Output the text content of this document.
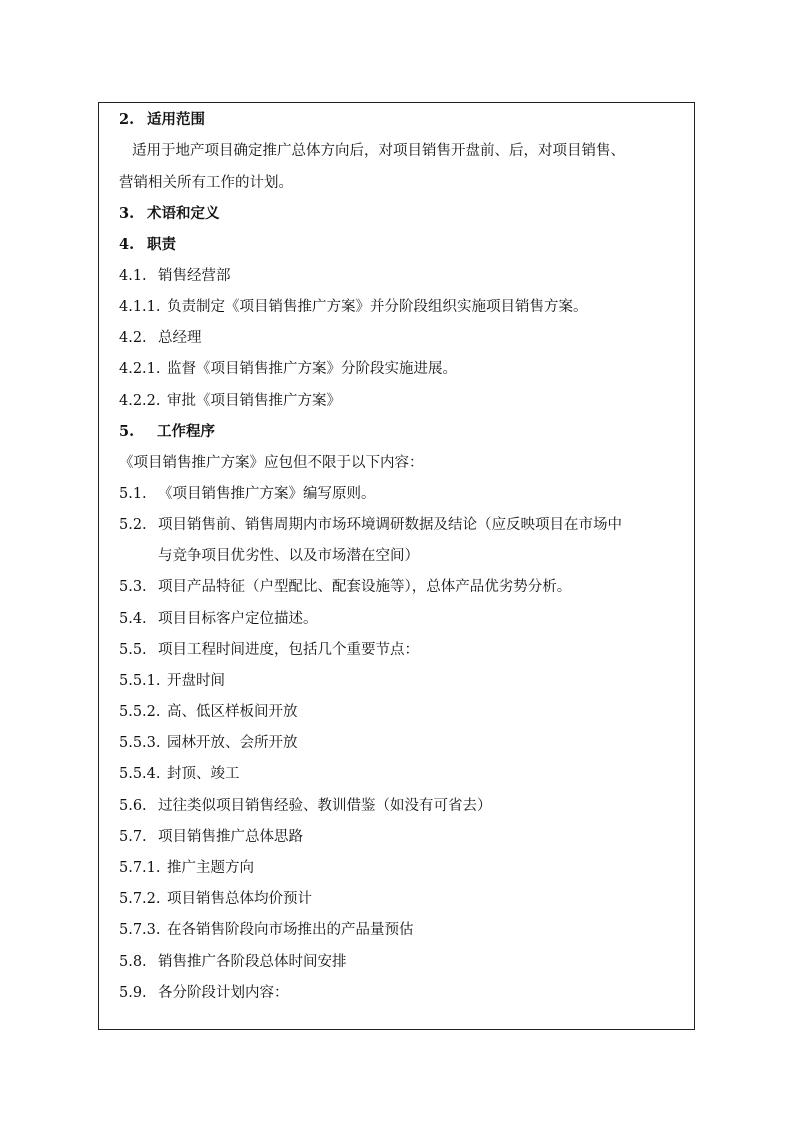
2. 适用范围
适用于地产项目确定推广总体方向后，对项目销售开盘前、后，对项目销售、
营销相关所有工作的计划。
3. 术语和定义
4. 职责
4.1. 销售经营部
4.1.1. 负责制定《项目销售推广方案》并分阶段组织实施项目销售方案。
4.2. 总经理
4.2.1. 监督《项目销售推广方案》分阶段实施进展。
4.2.2. 审批《项目销售推广方案》
5. 工作程序
《项目销售推广方案》应包但不限于以下内容：
5.1. 《项目销售推广方案》编写原则。
5.2. 项目销售前、销售周期内市场环境调研数据及结论（应反映项目在市场中
与竞争项目优劣性、以及市场潜在空间）
5.3. 项目产品特征（户型配比、配套设施等），总体产品优劣势分析。
5.4. 项目目标客户定位描述。
5.5. 项目工程时间进度，包括几个重要节点：
5.5.1. 开盘时间
5.5.2. 高、低区样板间开放
5.5.3. 园林开放、会所开放
5.5.4. 封顶、竣工
5.6. 过往类似项目销售经验、教训借鉴（如没有可省去）
5.7. 项目销售推广总体思路
5.7.1. 推广主题方向
5.7.2. 项目销售总体均价预计
5.7.3. 在各销售阶段向市场推出的产品量预估
5.8. 销售推广各阶段总体时间安排
5.9. 各分阶段计划内容：
